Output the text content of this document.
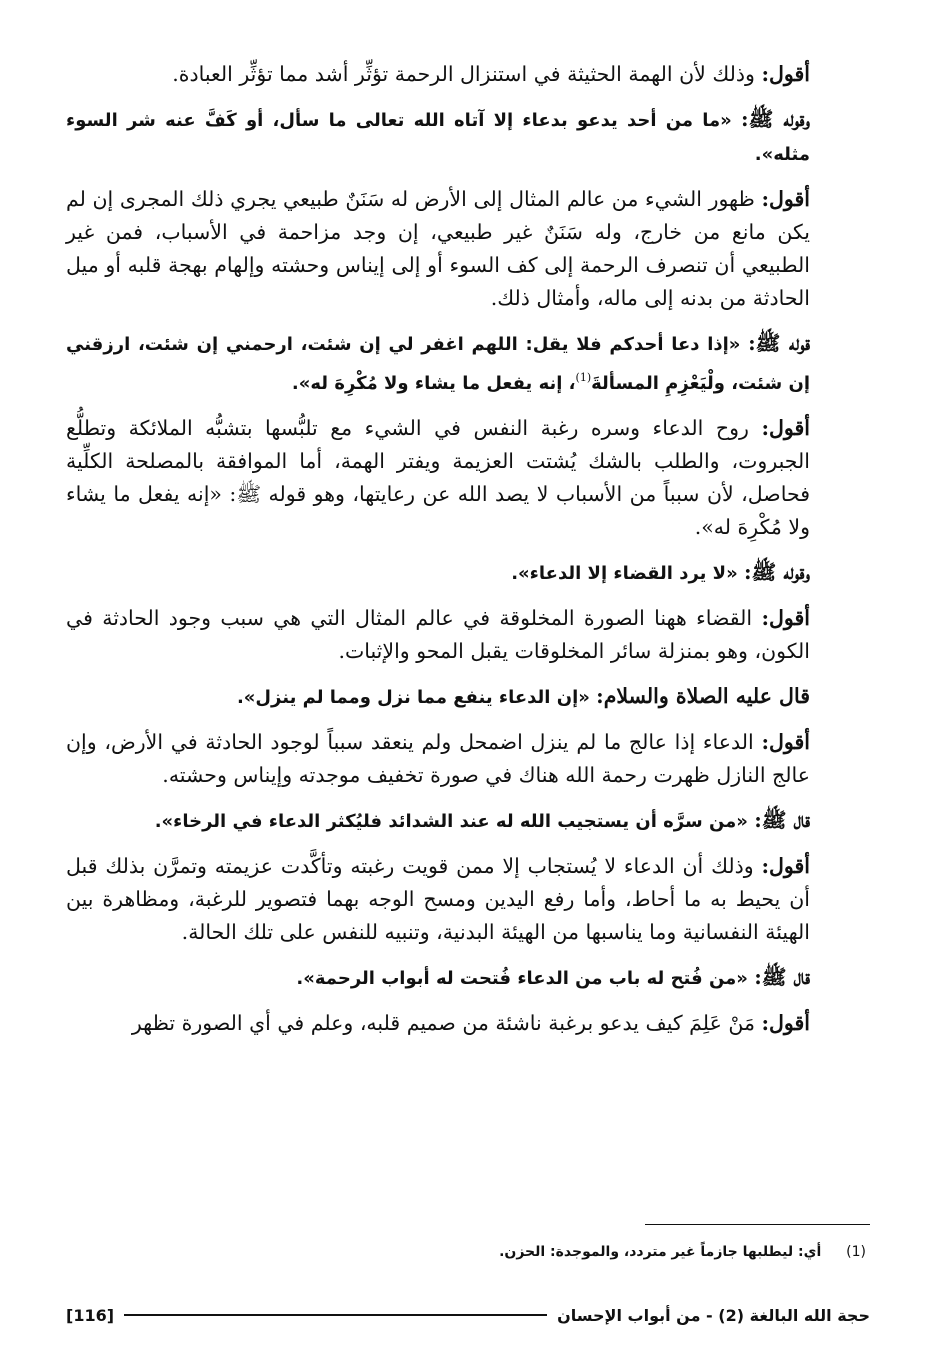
أقول: وذلك لأن الهمة الحثيثة في استنزال الرحمة تؤثِّر أشد مما تؤثِّر العبادة.

وقوله ﷺ: «ما من أحد يدعو بدعاء إلا آتاه الله تعالى ما سأل، أو كَفَّ عنه شر السوء مثله».

أقول: ظهور الشيء من عالم المثال إلى الأرض له سَنَنٌ طبيعي يجري ذلك المجرى إن لم يكن مانع من خارج، وله سَنَنٌ غير طبيعي، إن وجد مزاحمة في الأسباب، فمن غير الطبيعي أن تنصرف الرحمة إلى كف السوء أو إلى إيناس وحشته وإلهام بهجة قلبه أو ميل الحادثة من بدنه إلى ماله، وأمثال ذلك.

قوله ﷺ: «إذا دعا أحدكم فلا يقل: اللهم اغفر لي إن شئت، ارحمني إن شئت، ارزقني إن شئت، ولْيَعْزِمِ المسألةَ$^{(1)}$، إنه يفعل ما يشاء ولا مُكْرِهَ له».

أقول: روح الدعاء وسره رغبة النفس في الشيء مع تلبُّسها بتشبُّه الملائكة وتطلُّع الجبروت، والطلب بالشك يُشتت العزيمة ويفتر الهمة، أما الموافقة بالمصلحة الكلِّية فحاصل، لأن سبباً من الأسباب لا يصد الله عن رعايتها، وهو قوله ﷺ: «إنه يفعل ما يشاء ولا مُكْرِهَ له».

وقوله ﷺ: «لا يرد القضاء إلا الدعاء».

أقول: القضاء ههنا الصورة المخلوقة في عالم المثال التي هي سبب وجود الحادثة في الكون، وهو بمنزلة سائر المخلوقات يقبل المحو والإثبات.

قال عليه الصلاة والسلام: «إن الدعاء ينفع مما نزل ومما لم ينزل».

أقول: الدعاء إذا عالج ما لم ينزل اضمحل ولم ينعقد سبباً لوجود الحادثة في الأرض، وإن عالج النازل ظهرت رحمة الله هناك في صورة تخفيف موجدته وإيناس وحشته.

قال ﷺ: «من سرَّه أن يستجيب الله له عند الشدائد فليُكثر الدعاء في الرخاء».

أقول: وذلك أن الدعاء لا يُستجاب إلا ممن قويت رغبته وتأكَّدت عزيمته وتمرَّن بذلك قبل أن يحيط به ما أحاط، وأما رفع اليدين ومسح الوجه بهما فتصوير للرغبة، ومظاهرة بين الهيئة النفسانية وما يناسبها من الهيئة البدنية، وتنبيه للنفس على تلك الحالة.

قال ﷺ: «من فُتح له باب من الدعاء فُتحت له أبواب الرحمة».

أقول: مَنْ عَلِمَ كيف يدعو برغبة ناشئة من صميم قلبه، وعلم في أي الصورة تظهر

(1) أي: ليطلبها جازماً غير متردد، والموجدة: الحزن.
حجة الله البالغة (2) - من أبواب الإحسان
[116]
